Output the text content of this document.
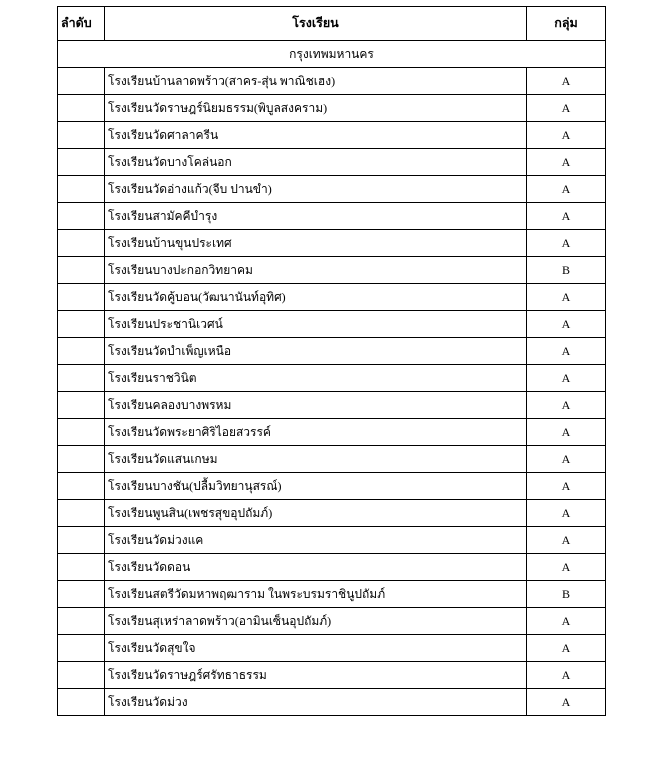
ลำดับ	โรงเรียน	กลุ่ม
กรุงเทพมหานคร		
	โรงเรียนบ้านลาดพร้าว(สาคร-สุ่น พาณิชเฮง)	A
	โรงเรียนวัดราษฎร์นิยมธรรม(พิบูลสงคราม)	A
	โรงเรียนวัดศาลาครีน	A
	โรงเรียนวัดบางโคล่นอก	A
	โรงเรียนวัดอ่างแก้ว(จีบ ปานขำ)	A
	โรงเรียนสามัคคีบำรุง	A
	โรงเรียนบ้านขุนประเทศ	A
	โรงเรียนบางปะกอกวิทยาคม	B
	โรงเรียนวัดคู้บอน(วัฒนานันท์อุทิศ)	A
	โรงเรียนประชานิเวศน์	A
	โรงเรียนวัดบำเพ็ญเหนือ	A
	โรงเรียนราชวินิต	A
	โรงเรียนคลองบางพรหม	A
	โรงเรียนวัดพระยาศิริไอยสวรรค์	A
	โรงเรียนวัดแสนเกษม	A
	โรงเรียนบางชัน(ปลื้มวิทยานุสรณ์)	A
	โรงเรียนพูนสิน(เพชรสุขอุปถัมภ์)	A
	โรงเรียนวัดม่วงแค	A
	โรงเรียนวัดดอน	A
	โรงเรียนสตรีวัดมหาพฤฒาราม ในพระบรมราชินูปถัมภ์	B
	โรงเรียนสุเหร่าลาดพร้าว(อามินเซ็นอุปถัมภ์)	A
	โรงเรียนวัดสุขใจ	A
	โรงเรียนวัดราษฎร์ศรัทธาธรรม	A
	โรงเรียนวัดม่วง	A
